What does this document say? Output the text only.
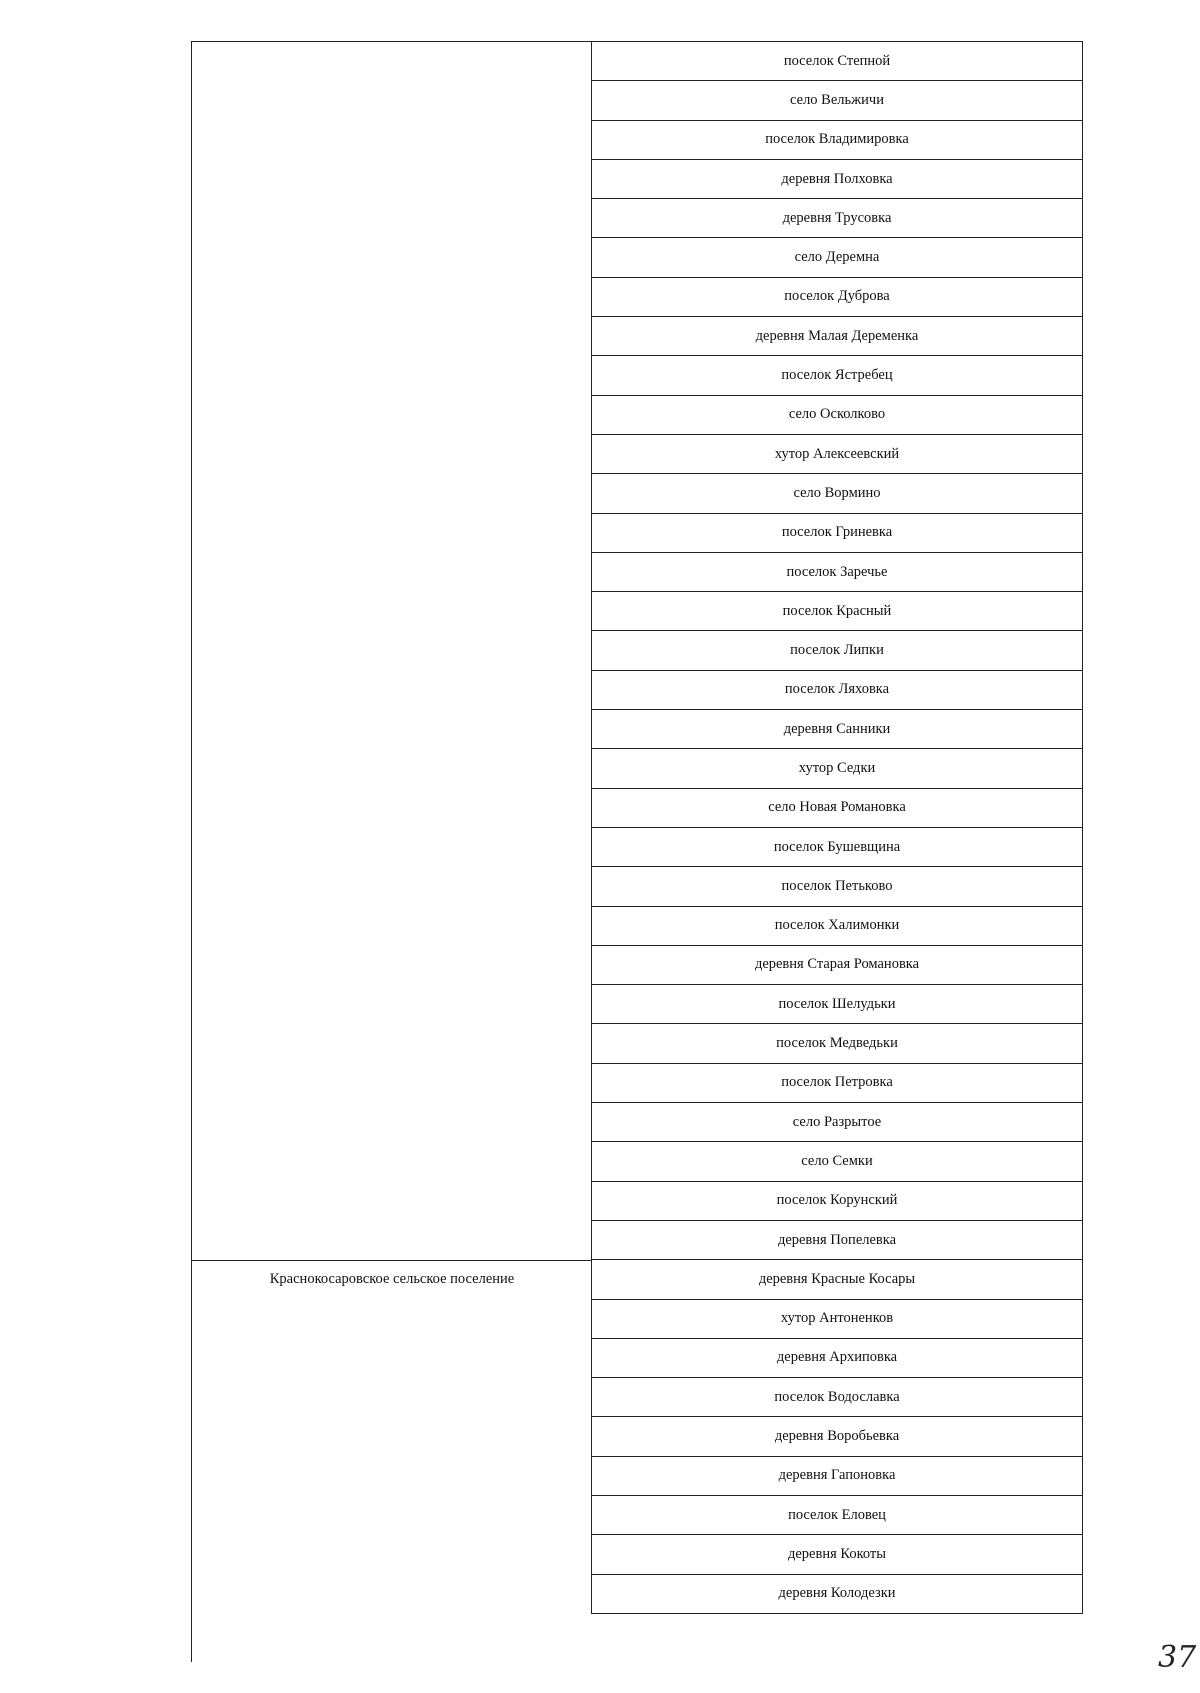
Краснокосаровское сельское поселение
поселок Степной
село Вельжичи
поселок Владимировка
деревня Полховка
деревня Трусовка
село Деремна
поселок Дуброва
деревня Малая Деременка
поселок Ястребец
село Осколково
хутор Алексеевский
село Вормино
поселок Гриневка
поселок Заречье
поселок Красный
поселок Липки
поселок Ляховка
деревня Санники
хутор Седки
село Новая Романовка
поселок Бушевщина
поселок Петьково
поселок Халимонки
деревня Старая Романовка
поселок Шелудьки
поселок Медведьки
поселок Петровка
село Разрытое
село Семки
поселок Корунский
деревня Попелевка
деревня Красные Косары
хутор Антоненков
деревня Архиповка
поселок Водославка
деревня Воробьевка
деревня Гапоновка
поселок Еловец
деревня Кокоты
деревня Колодезки
37
